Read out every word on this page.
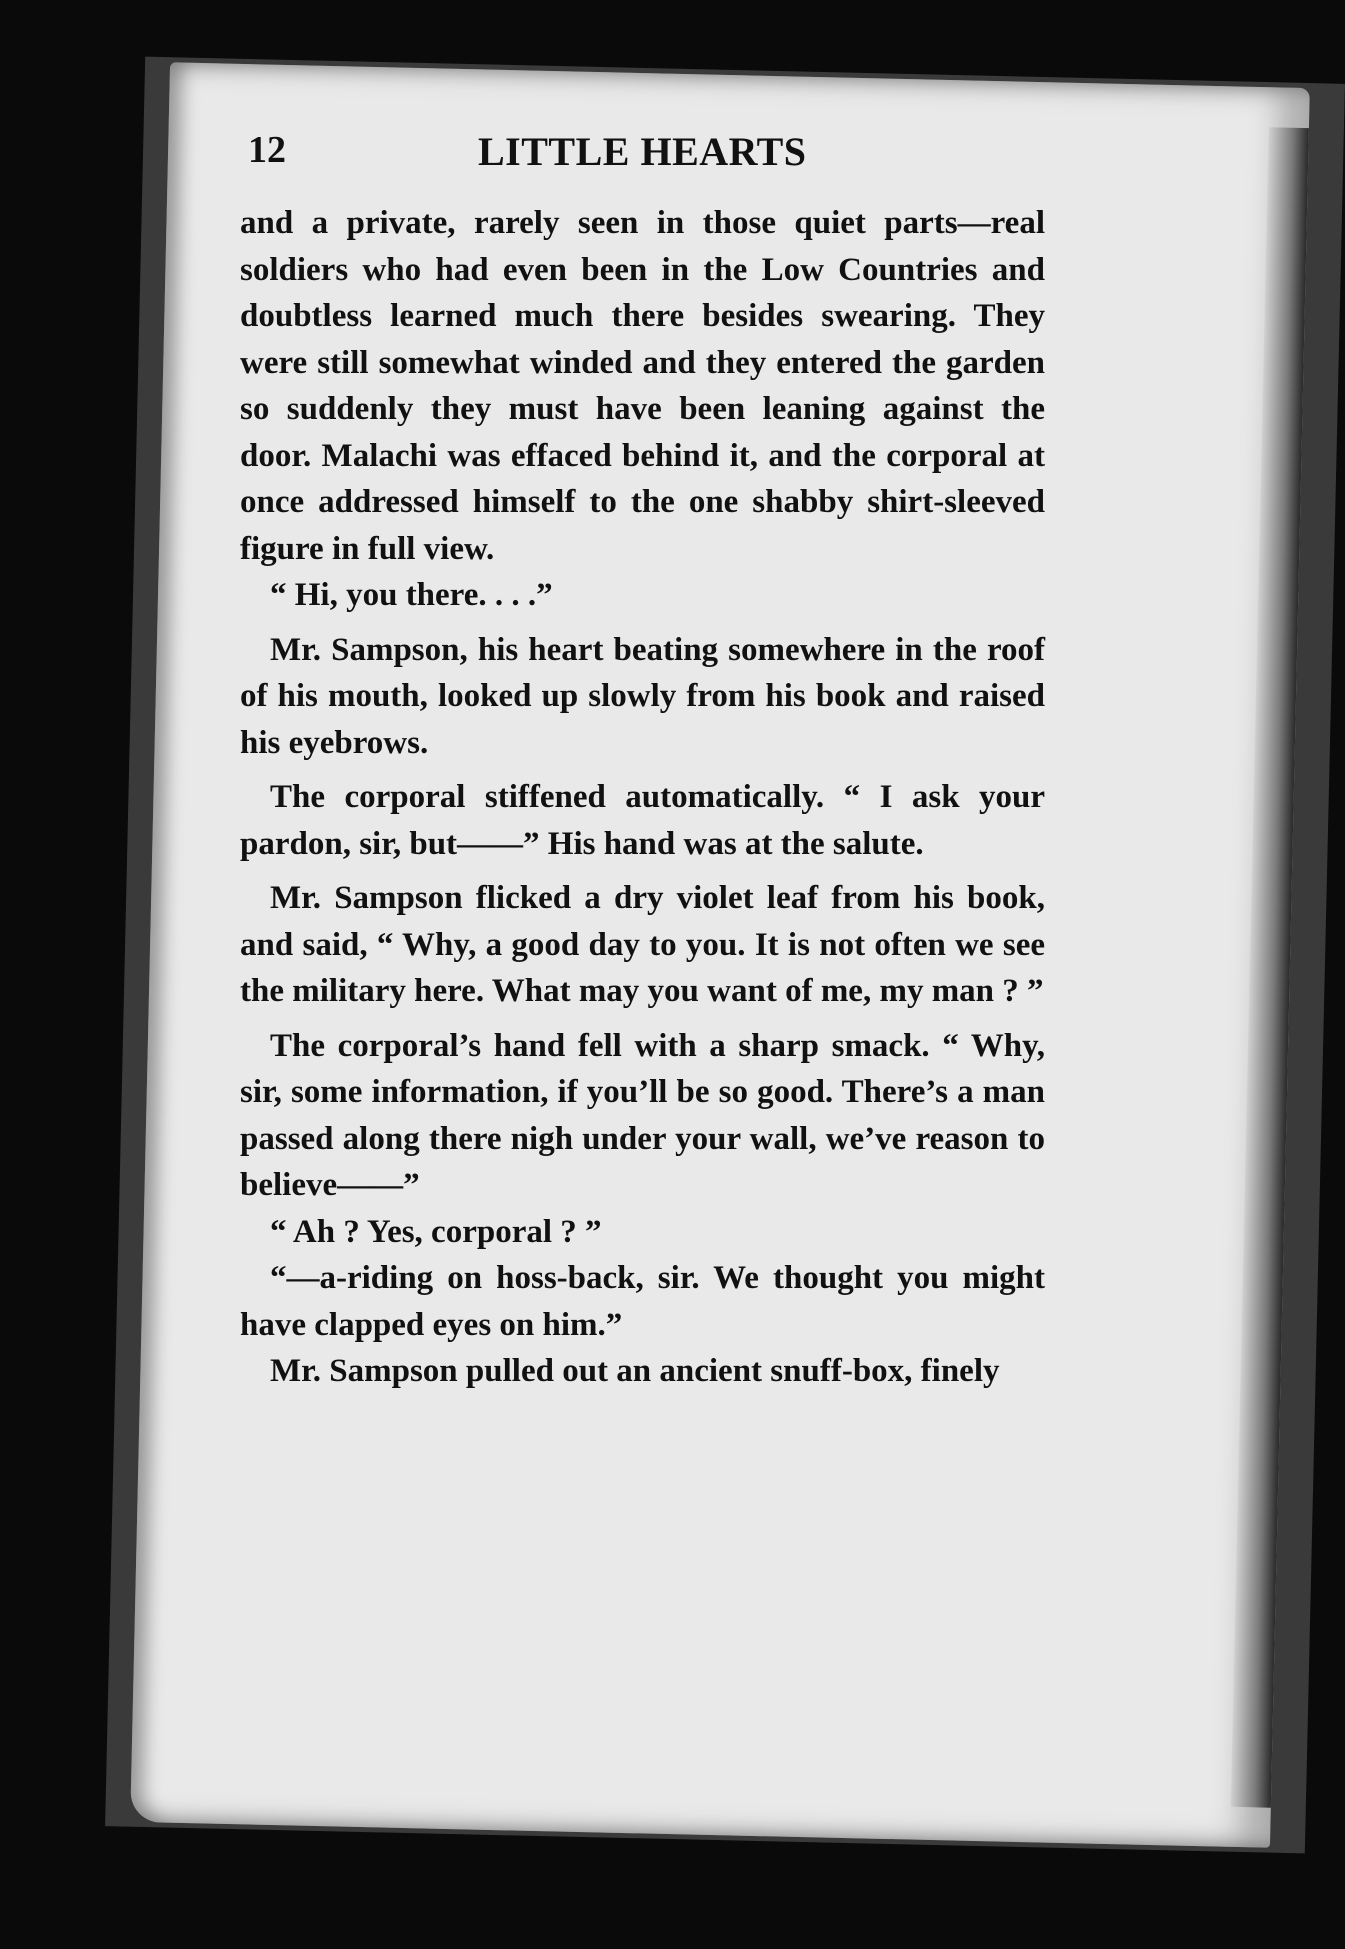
12	LITTLE HEARTS

and a private, rarely seen in those quiet parts—real soldiers who had even been in the Low Countries and doubtless learned much there besides swearing. They were still somewhat winded and they entered the garden so suddenly they must have been leaning against the door. Malachi was effaced behind it, and the corporal at once addressed himself to the one shabby shirt-sleeved figure in full view.

“ Hi, you there. . . .”

Mr. Sampson, his heart beating somewhere in the roof of his mouth, looked up slowly from his book and raised his eyebrows.

The corporal stiffened automatically. “ I ask your pardon, sir, but——” His hand was at the salute.

Mr. Sampson flicked a dry violet leaf from his book, and said, “ Why, a good day to you. It is not often we see the military here. What may you want of me, my man ? ”

The corporal’s hand fell with a sharp smack. “ Why, sir, some information, if you’ll be so good. There’s a man passed along there nigh under your wall, we’ve reason to believe——”

“ Ah ? Yes, corporal ? ”

“—a-riding on hoss-back, sir. We thought you might have clapped eyes on him.”

Mr. Sampson pulled out an ancient snuff-box, finely
